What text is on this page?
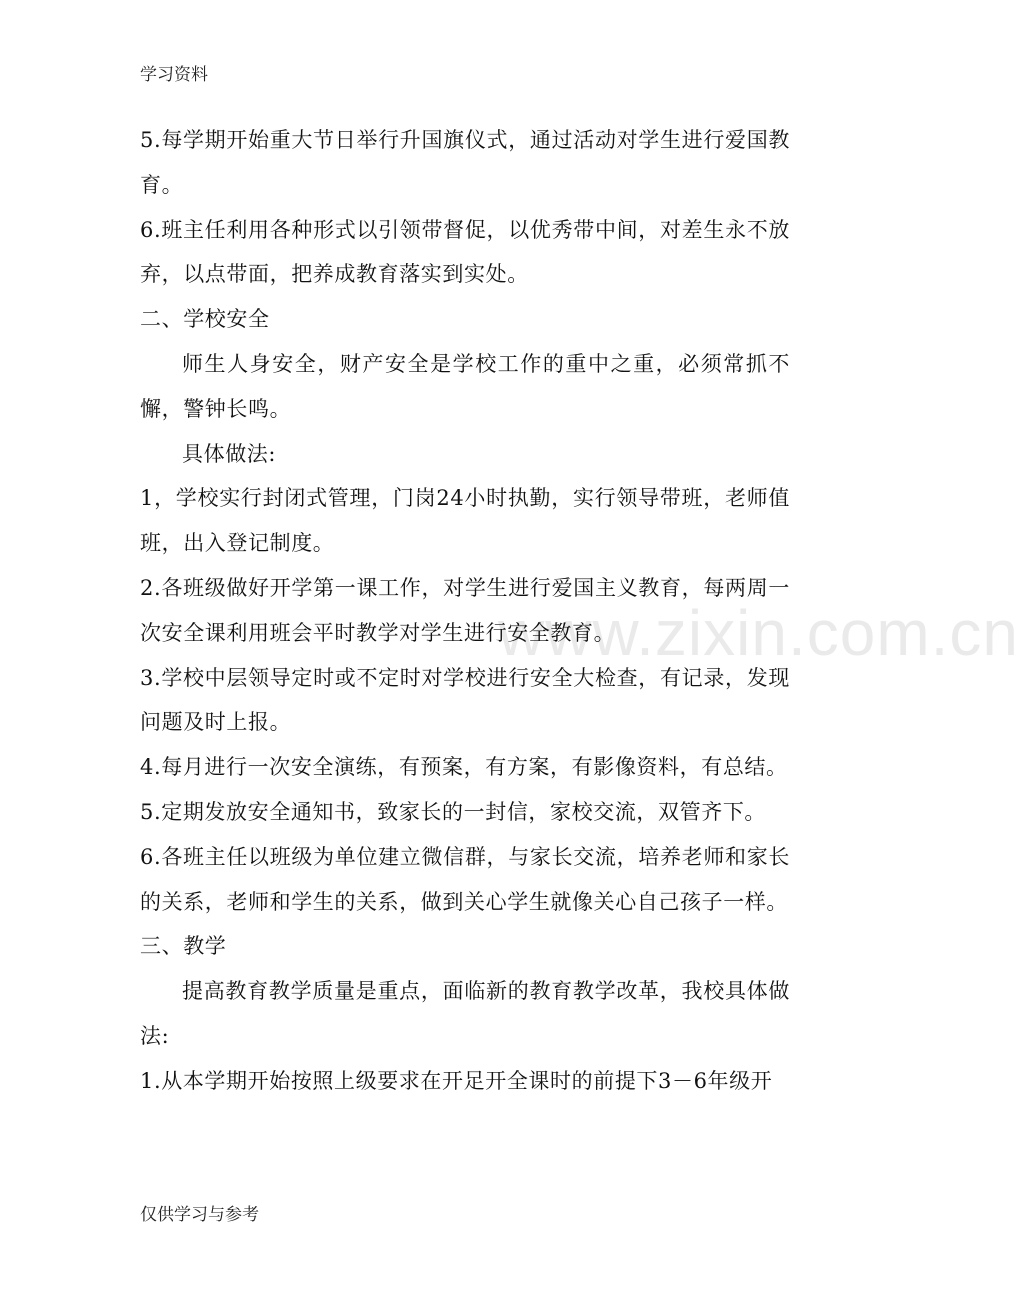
学习资料
www.zixin.com.cn

5.每学期开始重大节日举行升国旗仪式，通过活动对学生进行爱国教育。

6.班主任利用各种形式以引领带督促，以优秀带中间，对差生永不放弃，以点带面，把养成教育落实到实处。

二、学校安全

师生人身安全，财产安全是学校工作的重中之重，必须常抓不懈，警钟长鸣。

具体做法:

1，学校实行封闭式管理，门岗24小时执勤，实行领导带班，老师值班，出入登记制度。

2.各班级做好开学第一课工作，对学生进行爱国主义教育，每两周一次安全课利用班会平时教学对学生进行安全教育。

3.学校中层领导定时或不定时对学校进行安全大检查，有记录，发现问题及时上报。

4.每月进行一次安全演练，有预案，有方案，有影像资料，有总结。

5.定期发放安全通知书，致家长的一封信，家校交流，双管齐下。

6.各班主任以班级为单位建立微信群，与家长交流，培养老师和家长的关系，老师和学生的关系，做到关心学生就像关心自己孩子一样。

三、教学

提高教育教学质量是重点，面临新的教育教学改革，我校具体做法:

1.从本学期开始按照上级要求在开足开全课时的前提下3－6年级开

仅供学习与参考
